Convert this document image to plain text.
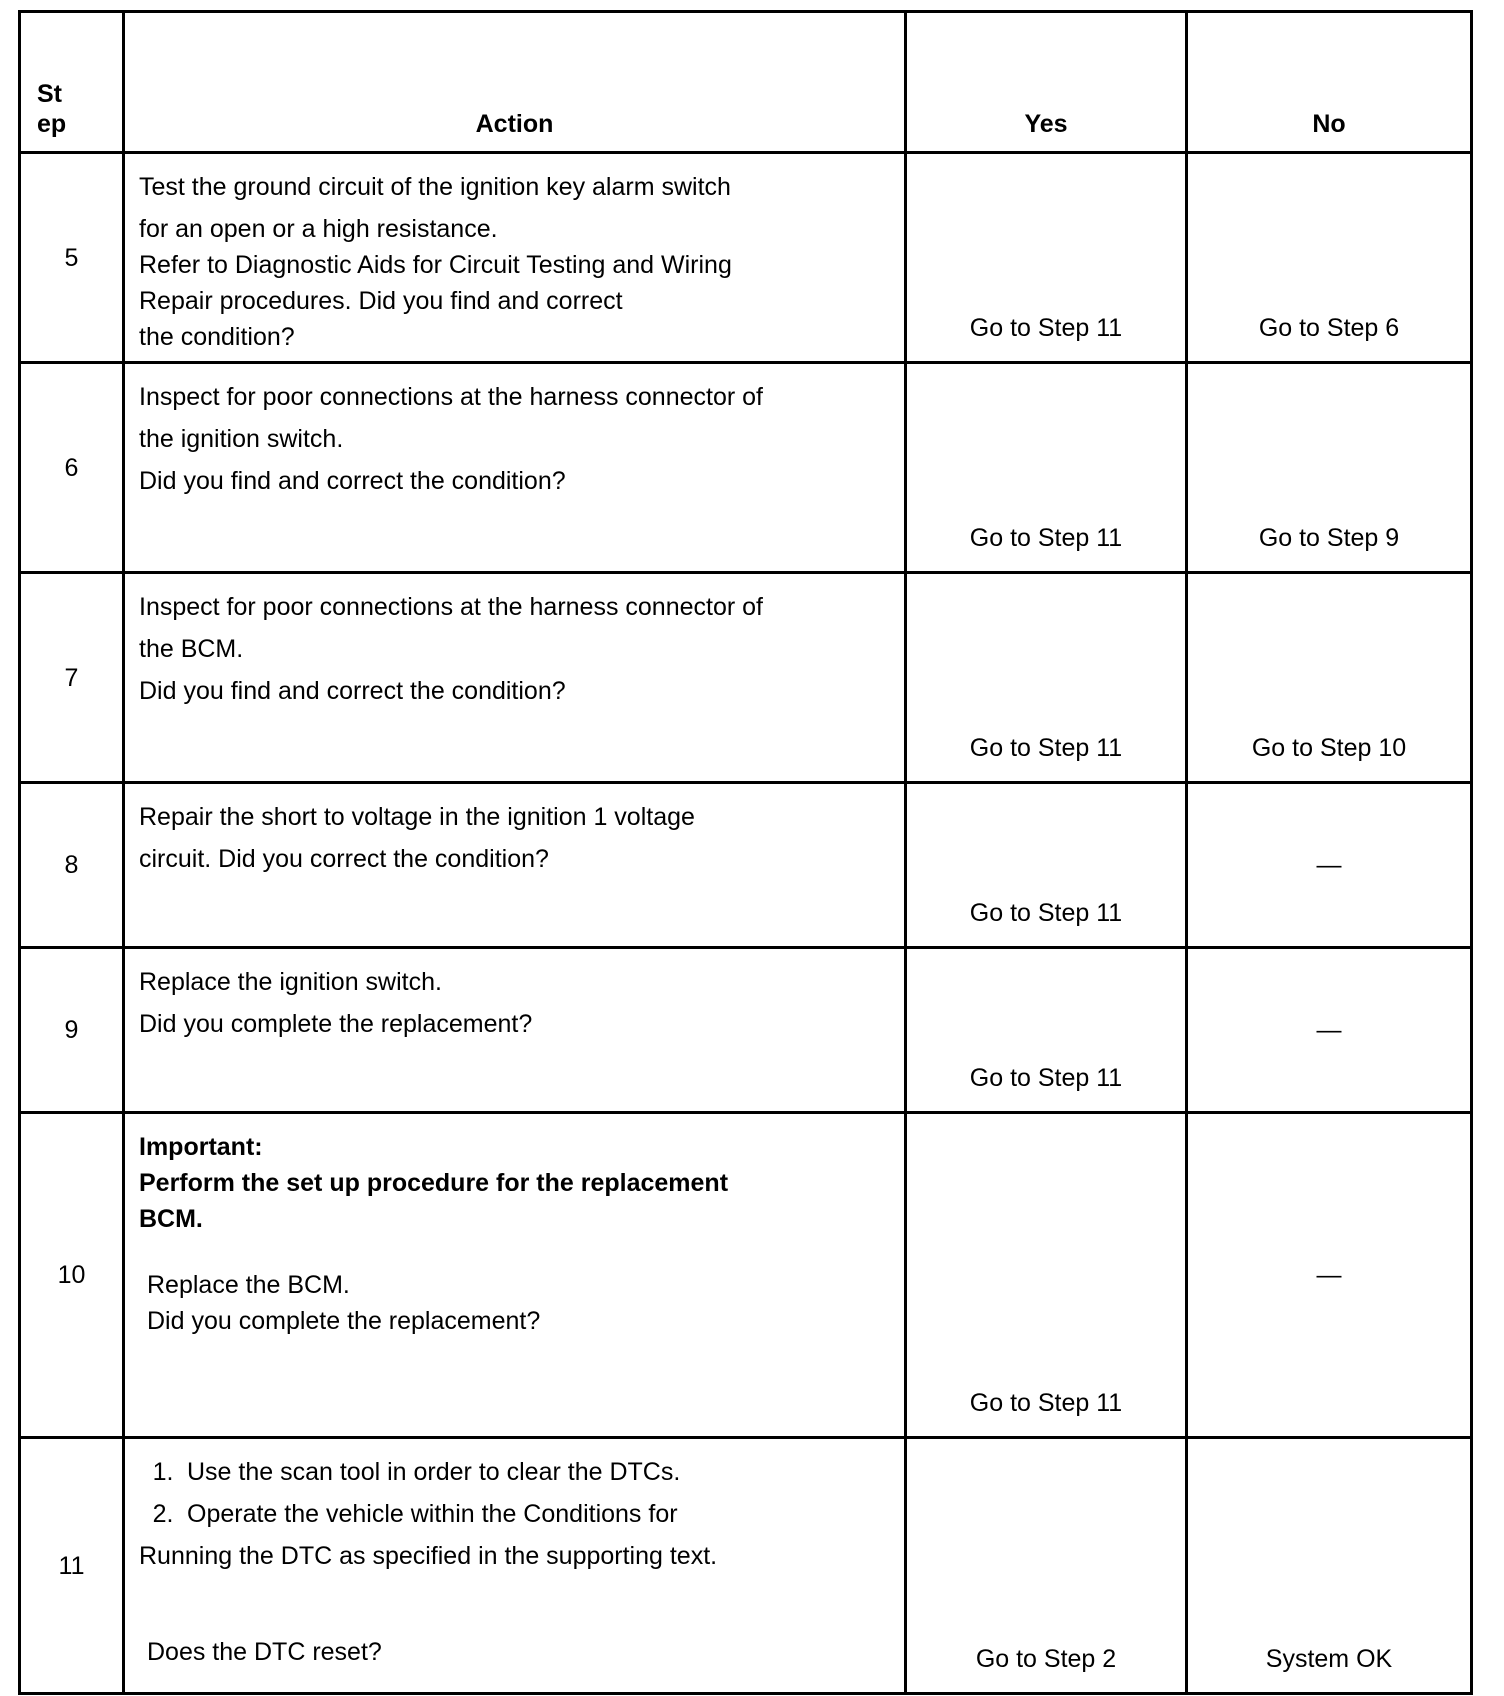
St
ep	Action	Yes	No
5	Test the ground circuit of the ignition key alarm switch
for an open or a high resistance.
Refer to Diagnostic Aids for Circuit Testing and Wiring
Repair procedures. Did you find and correct
the condition?	Go to Step 11	Go to Step 6
6	Inspect for poor connections at the harness connector of
the ignition switch.
Did you find and correct the condition?	Go to Step 11	Go to Step 9
7	Inspect for poor connections at the harness connector of
the BCM.
Did you find and correct the condition?	Go to Step 11	Go to Step 10
8	Repair the short to voltage in the ignition 1 voltage
circuit. Did you correct the condition?	Go to Step 11	—
9	Replace the ignition switch.
Did you complete the replacement?	Go to Step 11	—
10	Important:
Perform the set up procedure for the replacement
BCM.
Replace the BCM.
Did you complete the replacement?	Go to Step 11	—
11	1. Use the scan tool in order to clear the DTCs.
2. Operate the vehicle within the Conditions for
Running the DTC as specified in the supporting text.
Does the DTC reset?	Go to Step 2	System OK
